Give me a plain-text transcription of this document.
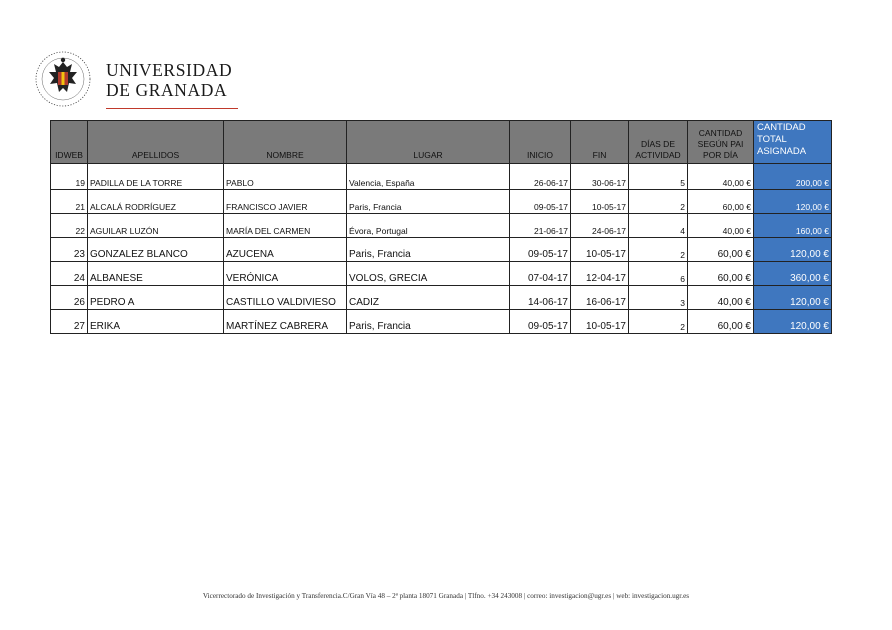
UNIVERSIDAD
DE GRANADA
IDWEB	APELLIDOS	NOMBRE	LUGAR	INICIO	FIN	DÍAS DE ACTIVIDAD	CANTIDAD SEGÚN PAI POR DÍA	CANTIDAD TOTAL ASIGNADA
19	PADILLA DE LA TORRE	PABLO	Valencia, España	26-06-17	30-06-17	5	40,00 €	200,00 €
21	ALCALÁ RODRÍGUEZ	FRANCISCO JAVIER	Paris, Francia	09-05-17	10-05-17	2	60,00 €	120,00 €
22	AGUILAR LUZÓN	MARÍA DEL CARMEN	Évora, Portugal	21-06-17	24-06-17	4	40,00 €	160,00 €
23	GONZALEZ BLANCO	AZUCENA	Paris, Francia	09-05-17	10-05-17	2	60,00 €	120,00 €
24	ALBANESE	VERÓNICA	VOLOS, GRECIA	07-04-17	12-04-17	6	60,00 €	360,00 €
26	PEDRO A	CASTILLO VALDIVIESO	CADIZ	14-06-17	16-06-17	3	40,00 €	120,00 €
27	ERIKA	MARTÍNEZ CABRERA	Paris, Francia	09-05-17	10-05-17	2	60,00 €	120,00 €
Vicerrectorado de Investigación y Transferencia.C/Gran Vía 48 – 2ª planta 18071 Granada | Tlfno. +34 243008 | correo: investigacion@ugr.es | web: investigacion.ugr.es
